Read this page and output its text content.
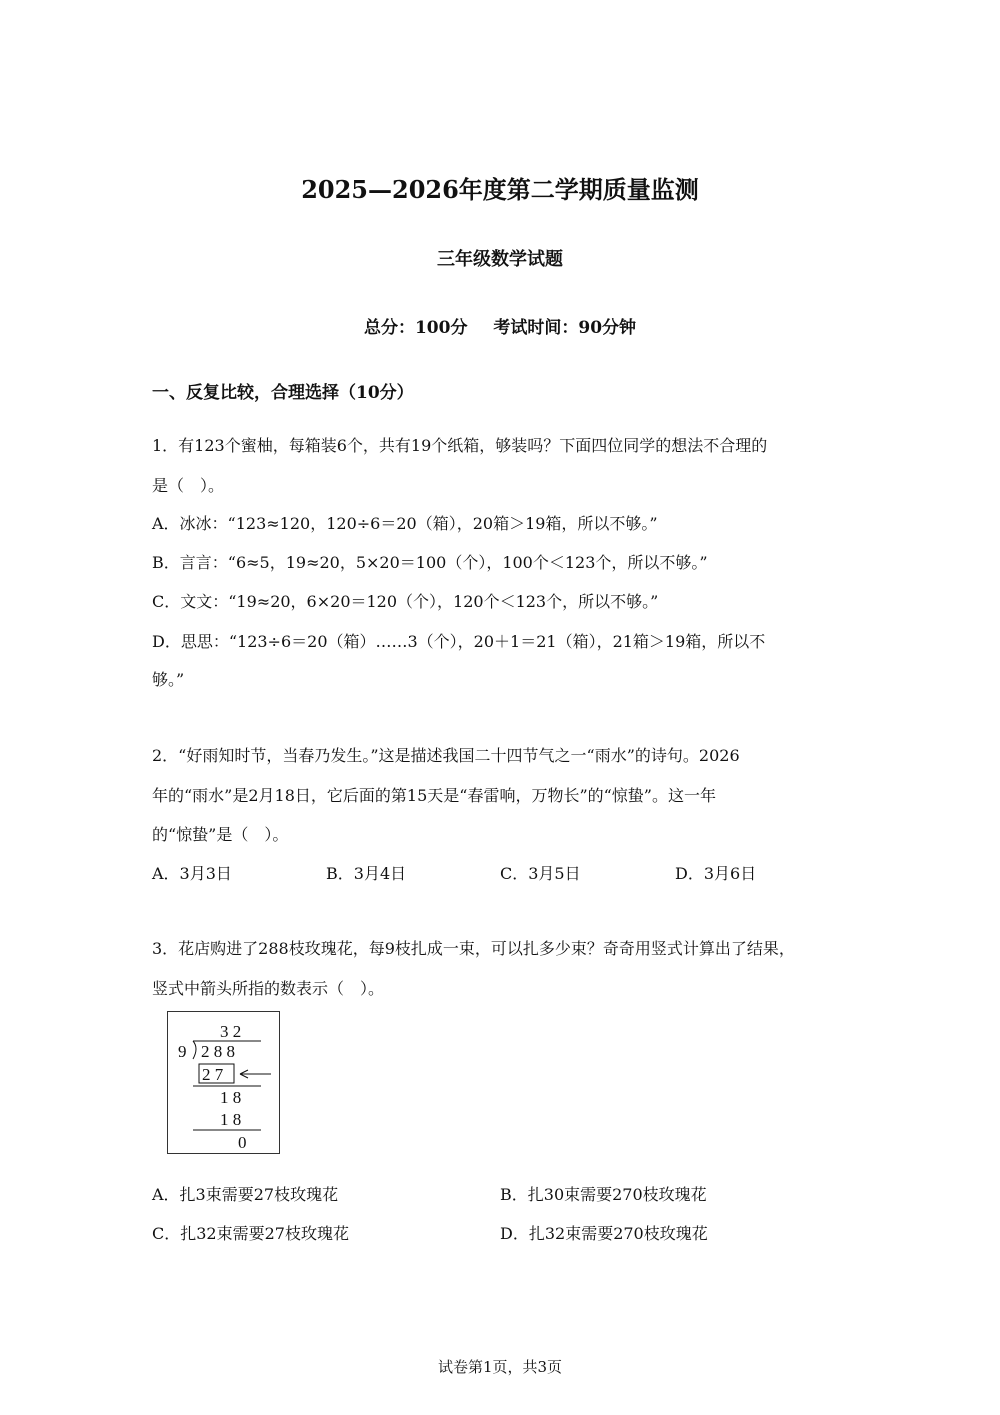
2025—2026年度第二学期质量监测
三年级数学试题
总分：100分 考试时间：90分钟
一、反复比较，合理选择（10分）
1．有123个蜜柚，每箱装6个，共有19个纸箱，够装吗？下面四位同学的想法不合理的
是（　）。
A．冰冰：“123≈120，120÷6＝20（箱），20箱＞19箱，所以不够。”
B．言言：“6≈5，19≈20，5×20＝100（个），100个＜123个，所以不够。”
C．文文：“19≈20，6×20＝120（个），120个＜123个，所以不够。”
D．思思：“123÷6＝20（箱）……3（个），20＋1＝21（箱），21箱＞19箱，所以不
够。”
2．“好雨知时节，当春乃发生。”这是描述我国二十四节气之一“雨水”的诗句。2026
年的“雨水”是2月18日，它后面的第15天是“春雷响，万物长”的“惊蛰”。这一年
的“惊蛰”是（　）。
A．3月3日	B．3月4日	C．3月5日	D．3月6日
3．花店购进了288枝玫瑰花，每9枝扎成一束，可以扎多少束？奇奇用竖式计算出了结果，
竖式中箭头所指的数表示（　）。
3 2
9 2 8 8
2 7
1 8
1 8
0
A．扎3束需要27枝玫瑰花	B．扎30束需要270枝玫瑰花
C．扎32束需要27枝玫瑰花	D．扎32束需要270枝玫瑰花
试卷第1页，共3页
